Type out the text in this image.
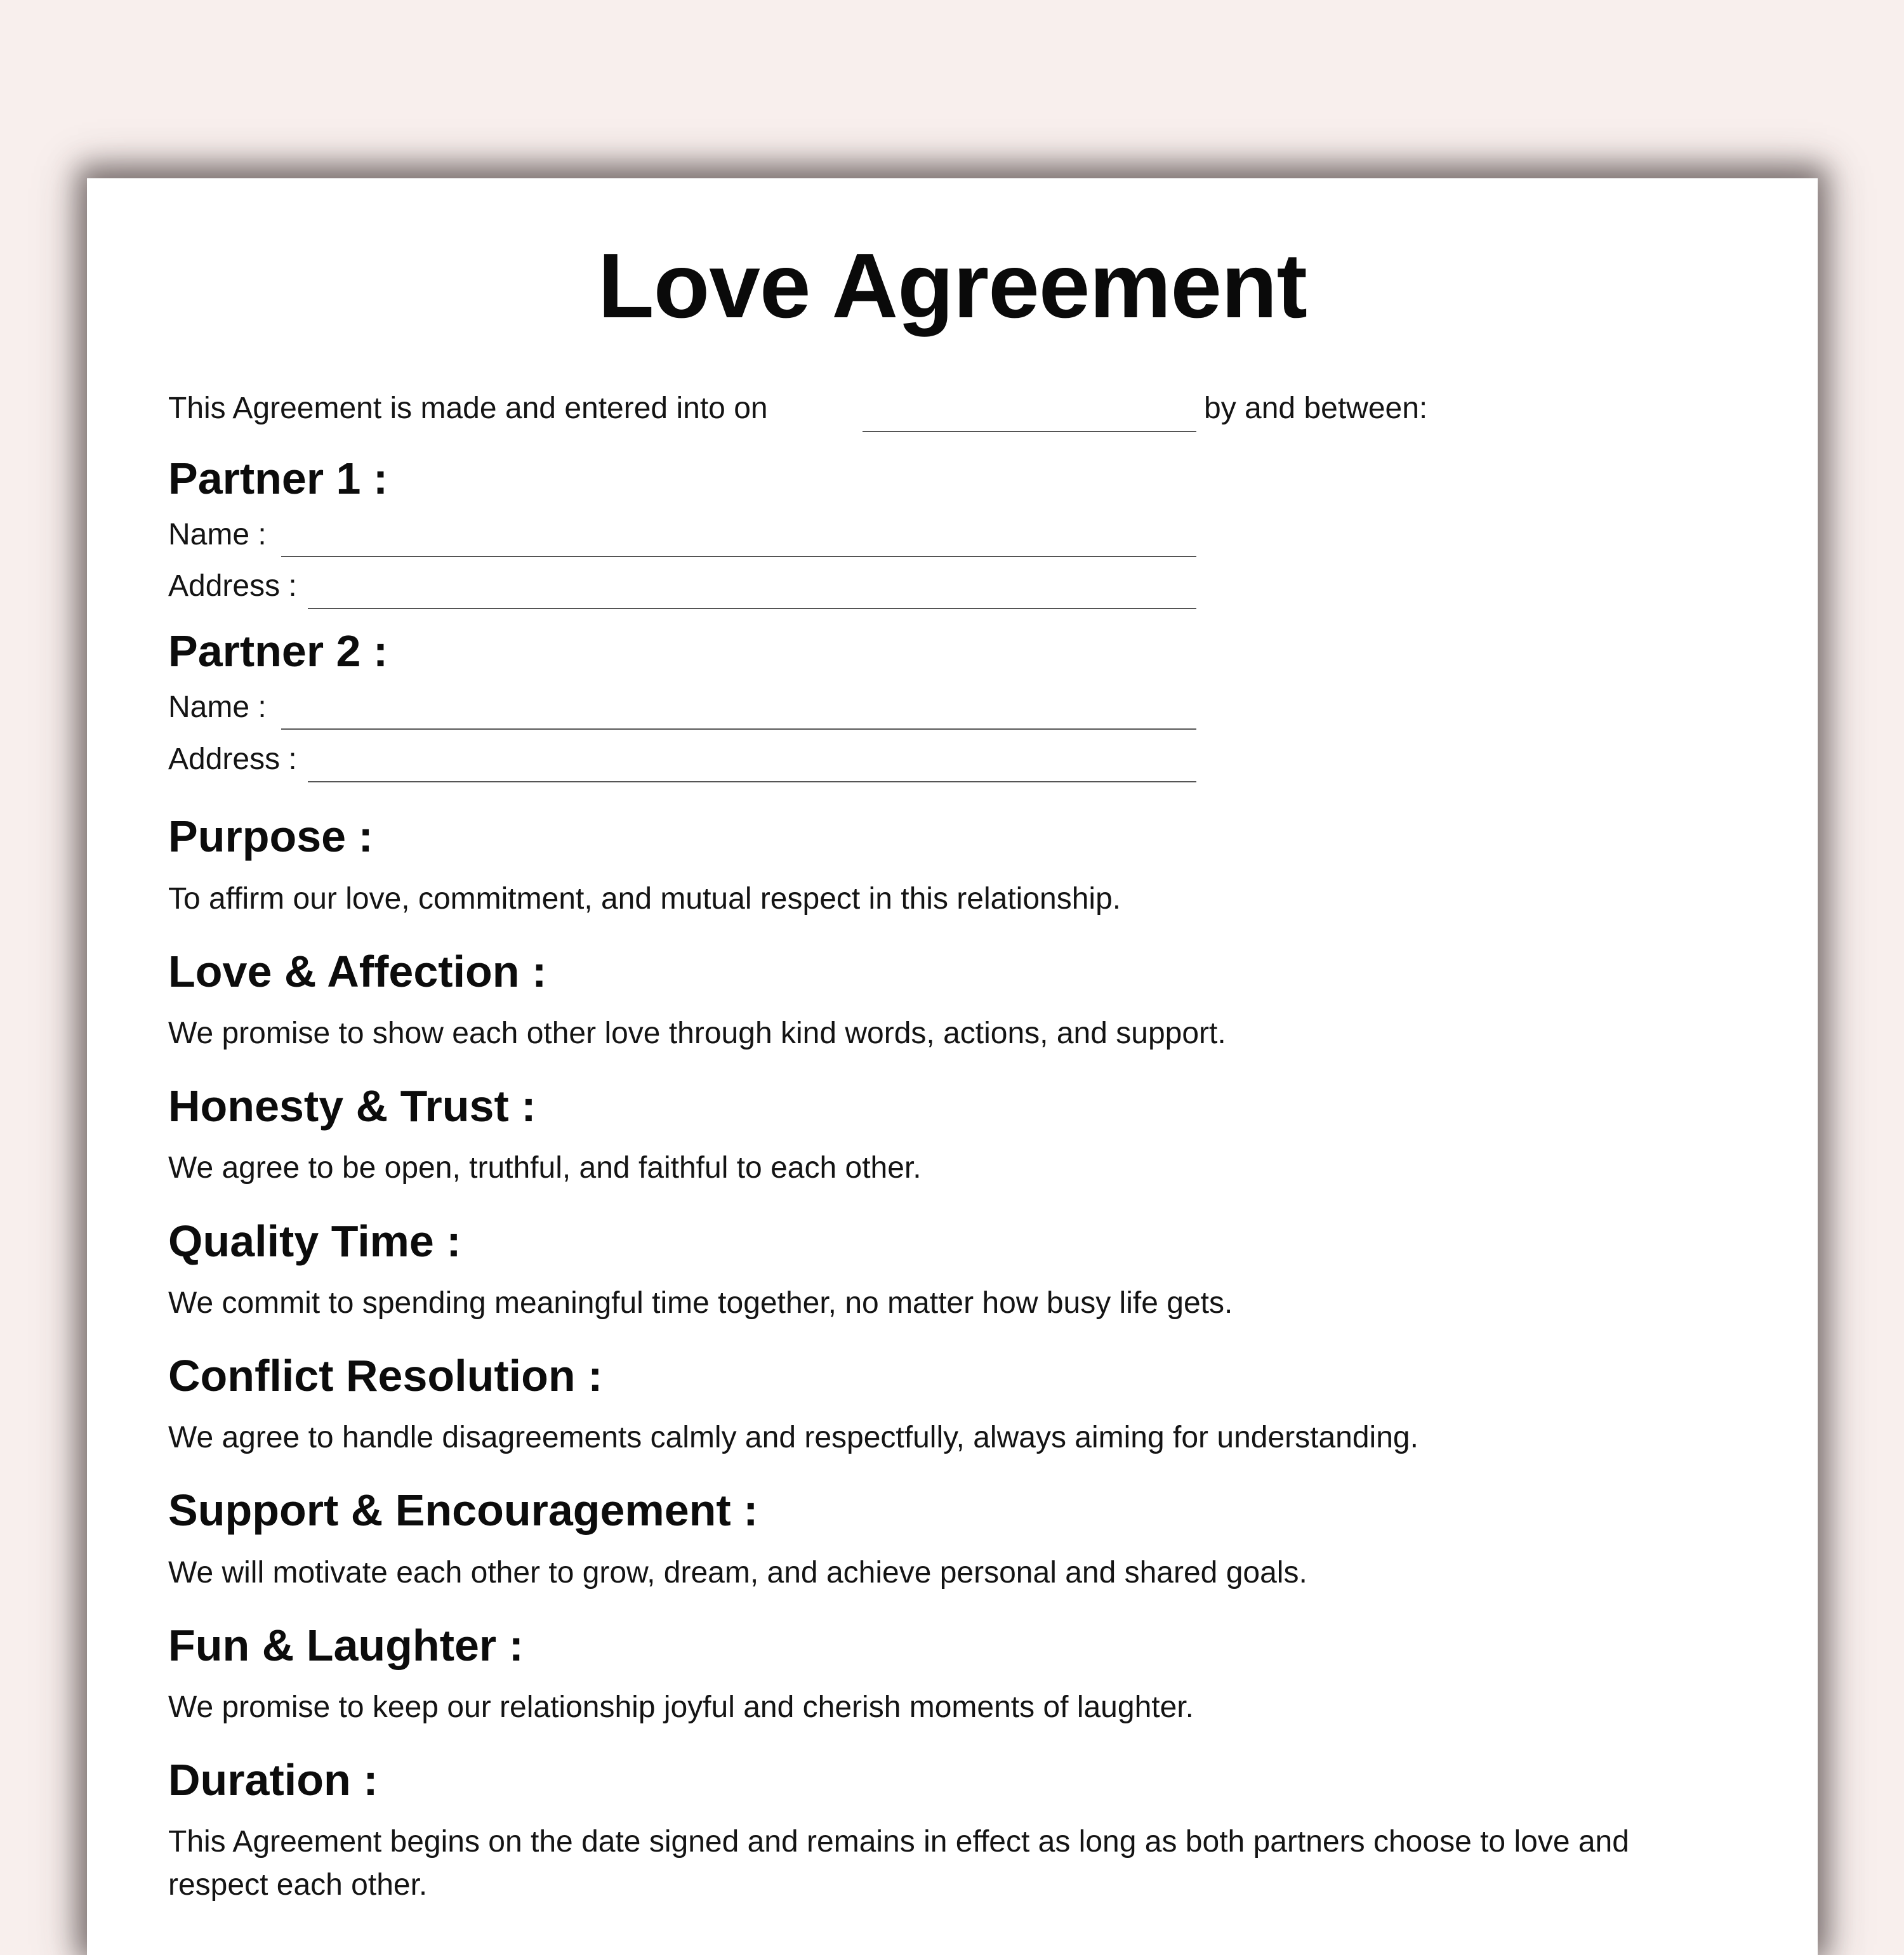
Love Agreement
This Agreement is made and entered into on	by and between:
Partner 1 :
Name :
Address :
Partner 2 :
Name :
Address :
Purpose :

To affirm our love, commitment, and mutual respect in this relationship.

Love & Affection :

We promise to show each other love through kind words, actions, and support.

Honesty & Trust :

We agree to be open, truthful, and faithful to each other.

Quality Time :

We commit to spending meaningful time together, no matter how busy life gets.

Conflict Resolution :

We agree to handle disagreements calmly and respectfully, always aiming for understanding.

Support & Encouragement :

We will motivate each other to grow, dream, and achieve personal and shared goals.

Fun & Laughter :

We promise to keep our relationship joyful and cherish moments of laughter.

Duration :

This Agreement begins on the date signed and remains in effect as long as both partners choose to love and respect each other.
